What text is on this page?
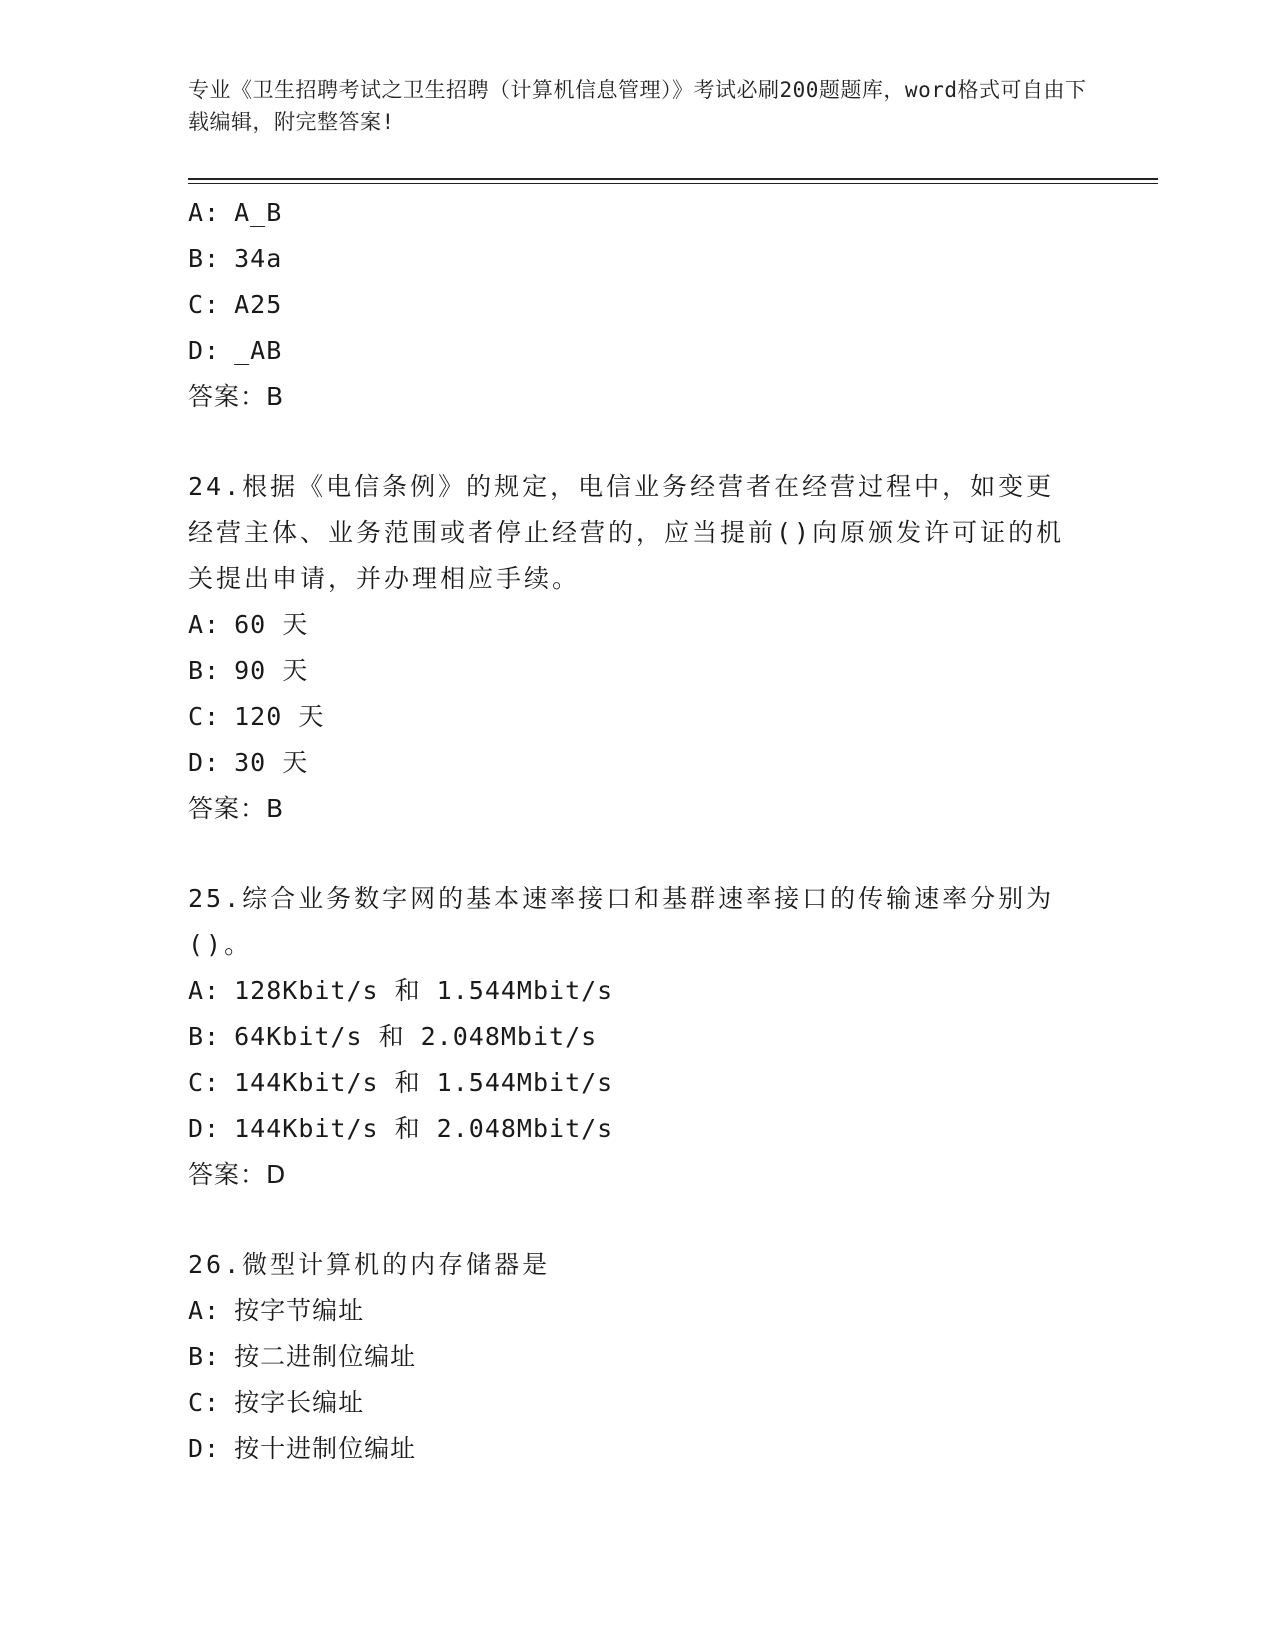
专业《卫生招聘考试之卫生招聘（计算机信息管理）》考试必刷200题题库，word格式可自由下载编辑，附完整答案!
A: A_B
B: 34a
C: A25
D: _AB
答案：B
24.根据《电信条例》的规定，电信业务经营者在经营过程中，如变更经营主体、业务范围或者停止经营的，应当提前()向原颁发许可证的机关提出申请，并办理相应手续。
A: 60 天
B: 90 天
C: 120 天
D: 30 天
答案：B
25.综合业务数字网的基本速率接口和基群速率接口的传输速率分别为()。
A: 128Kbit/s 和 1.544Mbit/s
B: 64Kbit/s 和 2.048Mbit/s
C: 144Kbit/s 和 1.544Mbit/s
D: 144Kbit/s 和 2.048Mbit/s
答案：D
26.微型计算机的内存储器是
A: 按字节编址
B: 按二进制位编址
C: 按字长编址
D: 按十进制位编址
